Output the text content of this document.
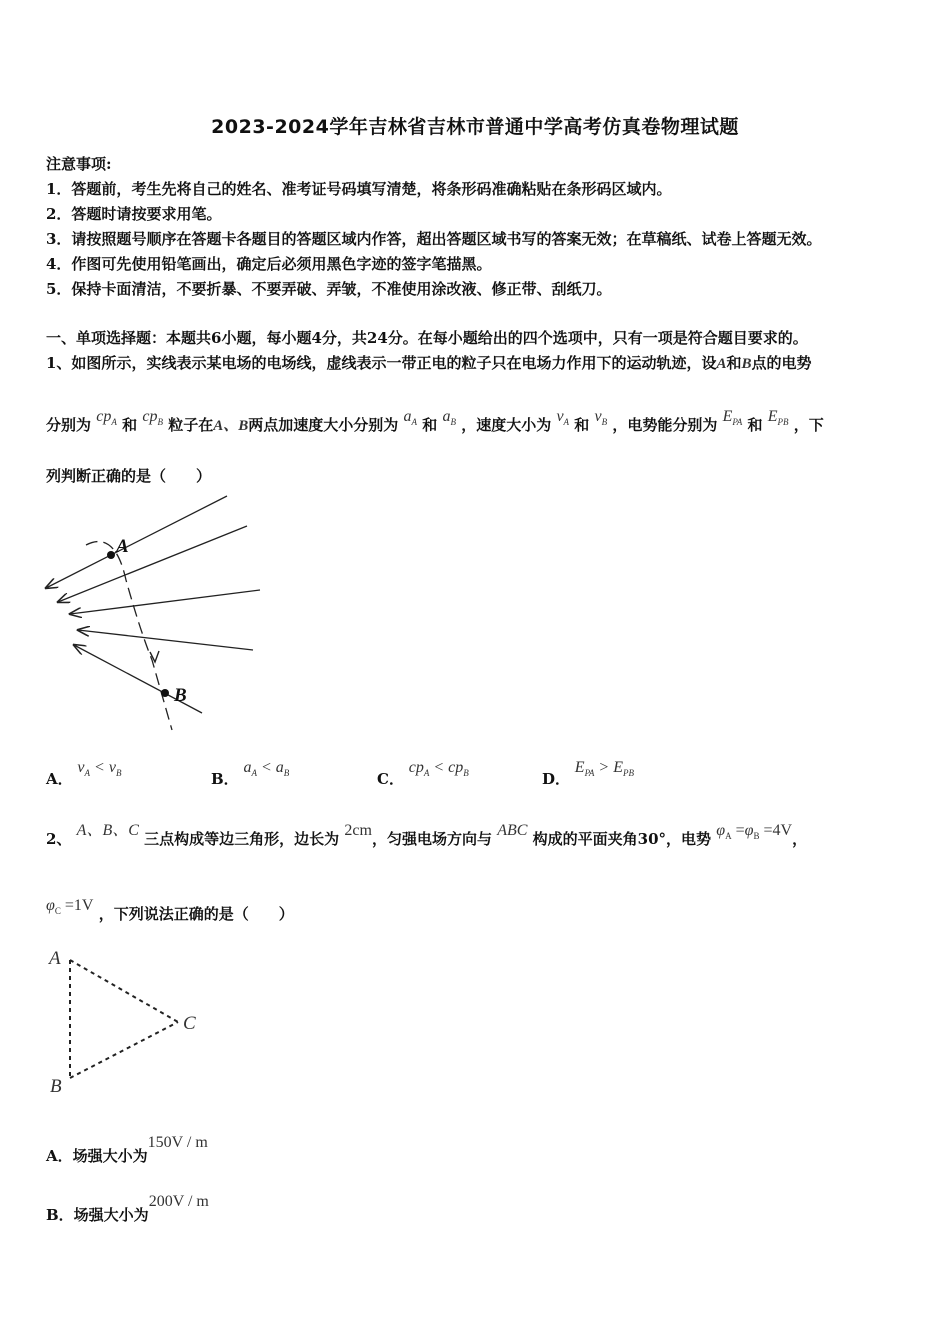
2023-2024学年吉林省吉林市普通中学高考仿真卷物理试题
注意事项:
1．答题前，考生先将自己的姓名、准考证号码填写清楚，将条形码准确粘贴在条形码区域内。
2．答题时请按要求用笔。
3．请按照题号顺序在答题卡各题目的答题区域内作答，超出答题区域书写的答案无效；在草稿纸、试卷上答题无效。
4．作图可先使用铅笔画出，确定后必须用黑色字迹的签字笔描黑。
5．保持卡面清洁，不要折暴、不要弄破、弄皱，不准使用涂改液、修正带、刮纸刀。
一、单项选择题：本题共6小题，每小题4分，共24分。在每小题给出的四个选项中，只有一项是符合题目要求的。
1、如图所示，实线表示某电场的电场线，虚线表示一带正电的粒子只在电场力作用下的运动轨迹，设A和B点的电势
分别为 $cp_A$ 和 $cp_B$ 粒子在A、B两点加速度大小分别为 $a_A$ 和 $a_B$ ，速度大小为 $v_A$ 和 $v_B$ ，电势能分别为 $E_{PA}$ 和 $E_{PB}$ ，下
列判断正确的是（　　）
A
B
A． $v_A < v_B$	B． $a_A < a_B$	C． $cp_A < cp_B$	D． $E_{PA} > E_{PB}$
2、 A、B、C 三点构成等边三角形，边长为 2cm，匀强电场方向与 ABC 构成的平面夹角30°，电势 $\varphi_A =\varphi_B =4V$，
$\varphi_C =1V$ ，下列说法正确的是（　　）
A
B
C
A．场强大小为150V / m
B．场强大小为200V / m
